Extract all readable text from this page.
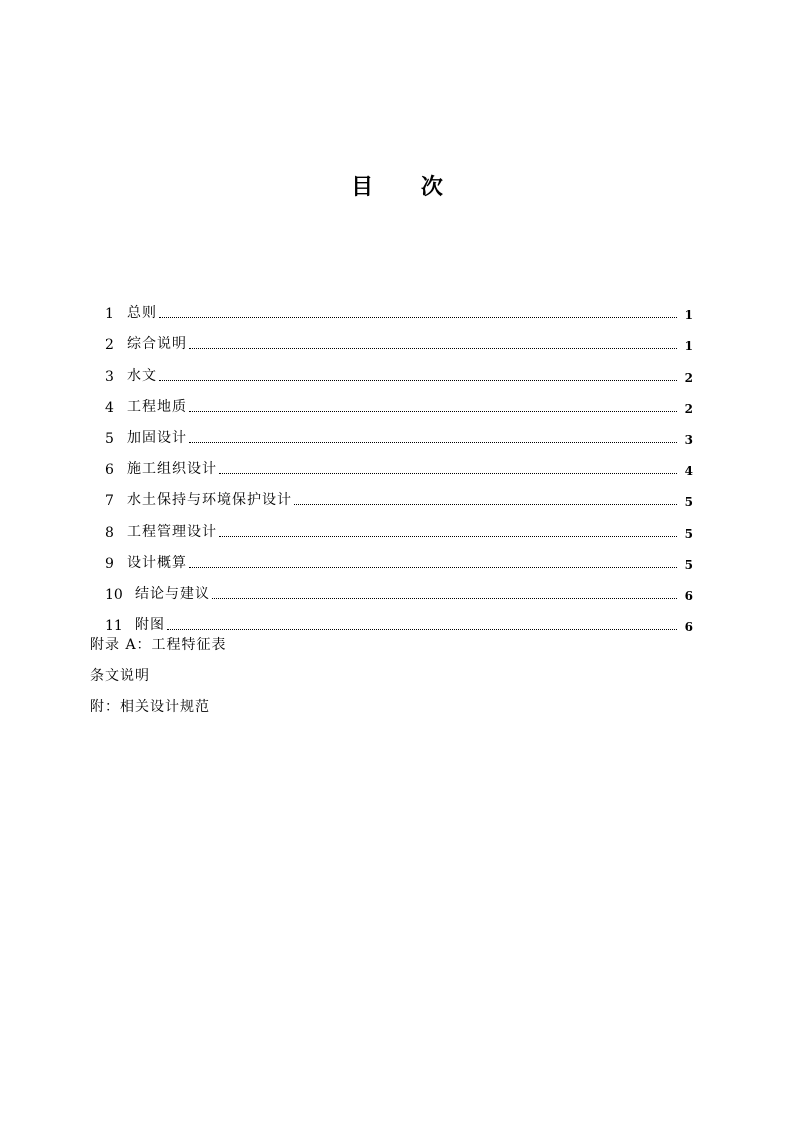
目 次
1 总则	1
2 综合说明	1
3 水文	2
4 工程地质	2
5 加固设计	3
6 施工组织设计	4
7 水土保持与环境保护设计	5
8 工程管理设计	5
9 设计概算	5
10 结论与建议	6
11 附图	6
附录 A：工程特征表
条文说明
附：相关设计规范
